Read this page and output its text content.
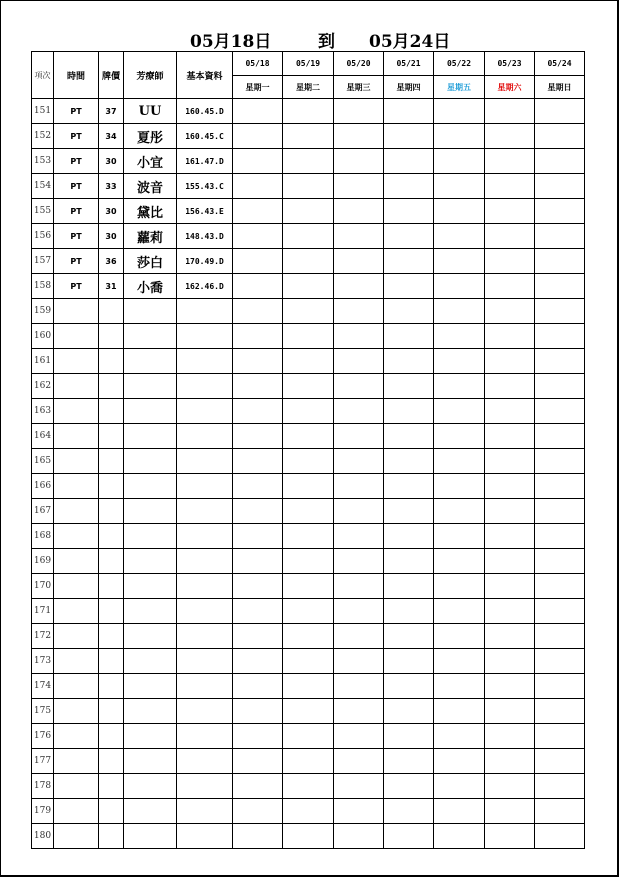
05月18日	到 05月24日
項次	時間	牌價	芳療師	基本資料	05/18	05/19	05/20	05/21	05/22	05/23	05/24
					星期一	星期二	星期三	星期四	星期五	星期六	星期日
151	PT	37	UU	160.45.D							
152	PT	34	夏彤	160.45.C							
153	PT	30	小宜	161.47.D							
154	PT	33	波音	155.43.C							
155	PT	30	黛比	156.43.E							
156	PT	30	蘿莉	148.43.D							
157	PT	36	莎白	170.49.D							
158	PT	31	小喬	162.46.D							
159											
160											
161											
162											
163											
164											
165											
166											
167											
168											
169											
170											
171											
172											
173											
174											
175											
176											
177											
178											
179											
180											
